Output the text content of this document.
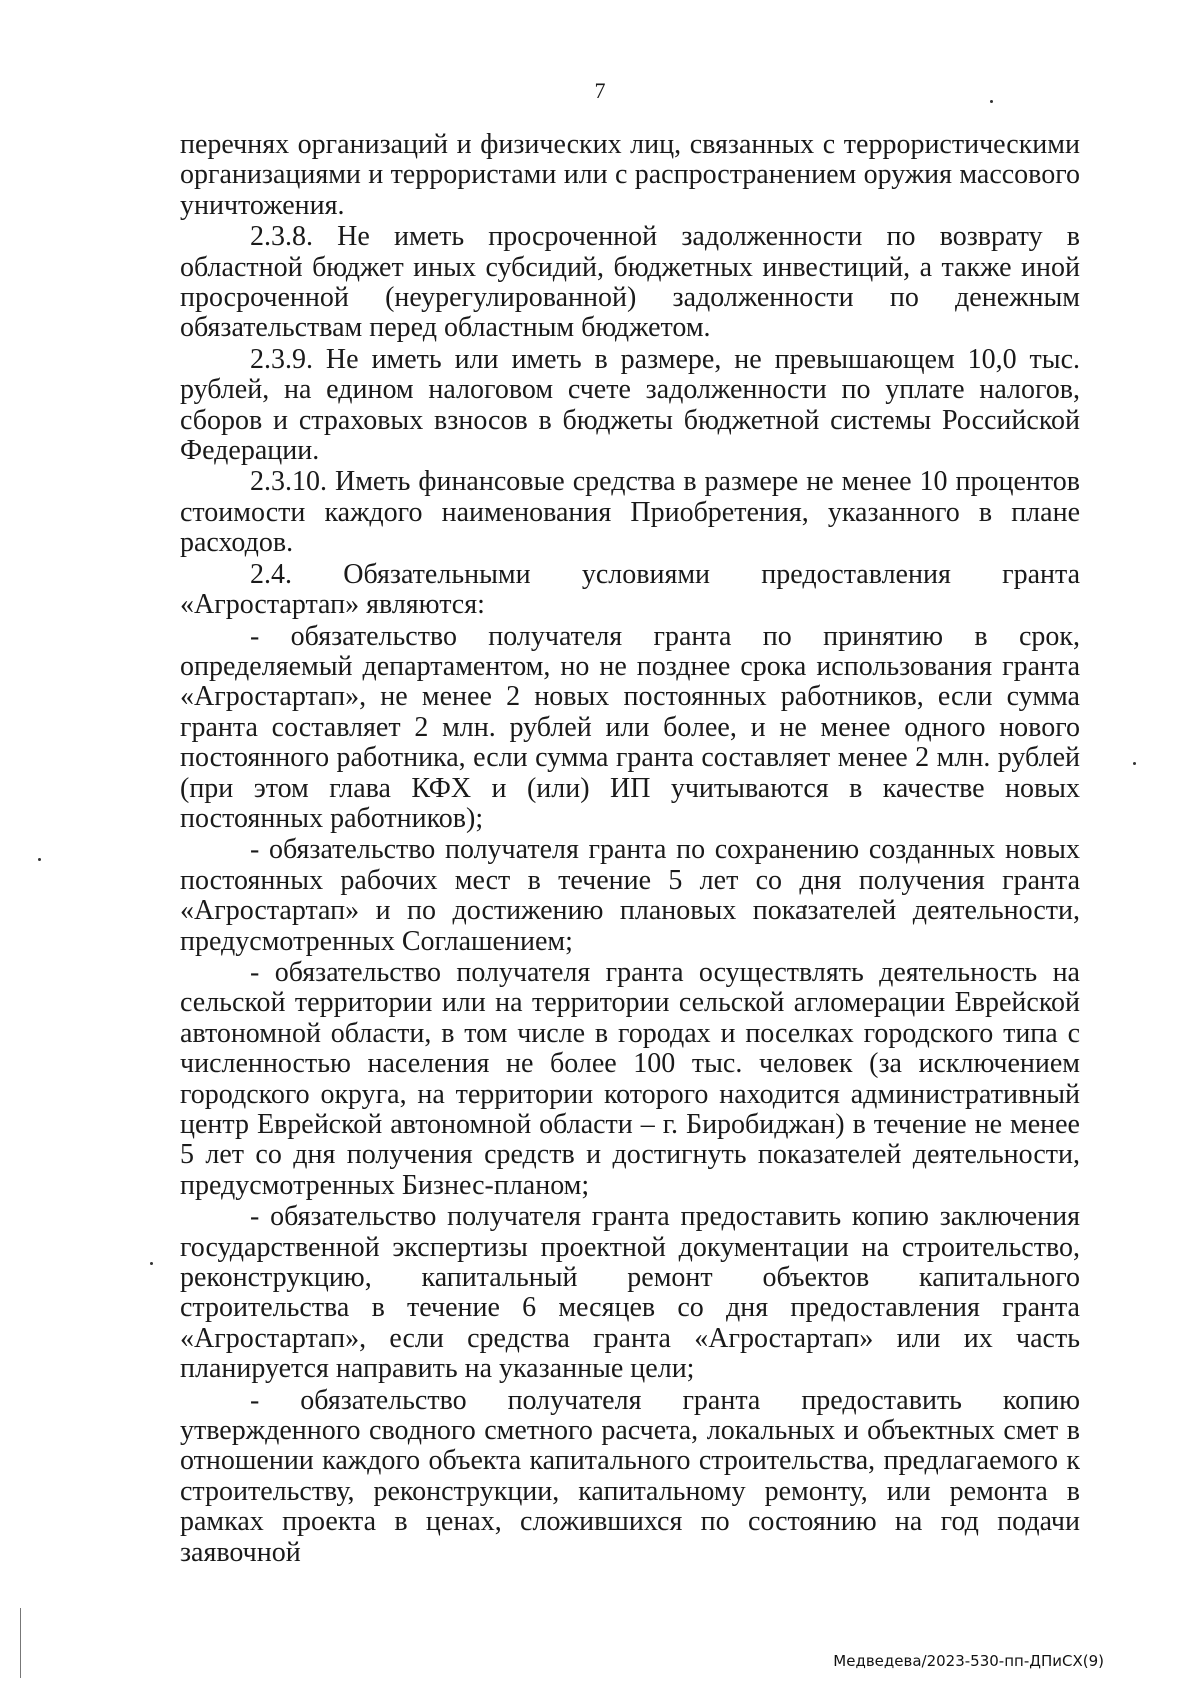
7

перечнях организаций и физических лиц, связанных с террористическими организациями и террористами или с распространением оружия массового уничтожения.

2.3.8. Не иметь просроченной задолженности по возврату в областной бюджет иных субсидий, бюджетных инвестиций, а также иной просроченной (неурегулированной) задолженности по денежным обязательствам перед областным бюджетом.

2.3.9. Не иметь или иметь в размере, не превышающем 10,0 тыс. рублей, на едином налоговом счете задолженности по уплате налогов, сборов и страховых взносов в бюджеты бюджетной системы Российской Федерации.

2.3.10. Иметь финансовые средства в размере не менее 10 процентов стоимости каждого наименования Приобретения, указанного в плане расходов.

2.4. Обязательными условиями предоставления гранта «Агростартап» являются:

- обязательство получателя гранта по принятию в срок, определяемый департаментом, но не позднее срока использования гранта «Агростартап», не менее 2 новых постоянных работников, если сумма гранта составляет 2 млн. рублей или более, и не менее одного нового постоянного работника, если сумма гранта составляет менее 2 млн. рублей (при этом глава КФХ и (или) ИП учитываются в качестве новых постоянных работников);

- обязательство получателя гранта по сохранению созданных новых постоянных рабочих мест в течение 5 лет со дня получения гранта «Агростартап» и по достижению плановых показателей деятельности, предусмотренных Соглашением;

- обязательство получателя гранта осуществлять деятельность на сельской территории или на территории сельской агломерации Еврейской автономной области, в том числе в городах и поселках городского типа с численностью населения не более 100 тыс. человек (за исключением городского округа, на территории которого находится административный центр Еврейской автономной области – г. Биробиджан) в течение не менее 5 лет со дня получения средств и достигнуть показателей деятельности, предусмотренных Бизнес-планом;

- обязательство получателя гранта предоставить копию заключения государственной экспертизы проектной документации на строительство, реконструкцию, капитальный ремонт объектов капитального строительства в течение 6 месяцев со дня предоставления гранта «Агростартап», если средства гранта «Агростартап» или их часть планируется направить на указанные цели;

- обязательство получателя гранта предоставить копию утвержденного сводного сметного расчета, локальных и объектных смет в отношении каждого объекта капитального строительства, предлагаемого к строительству, реконструкции, капитальному ремонту, или ремонта в рамках проекта в ценах, сложившихся по состоянию на год подачи заявочной

Медведева/2023-530-пп-ДПиСХ(9)
